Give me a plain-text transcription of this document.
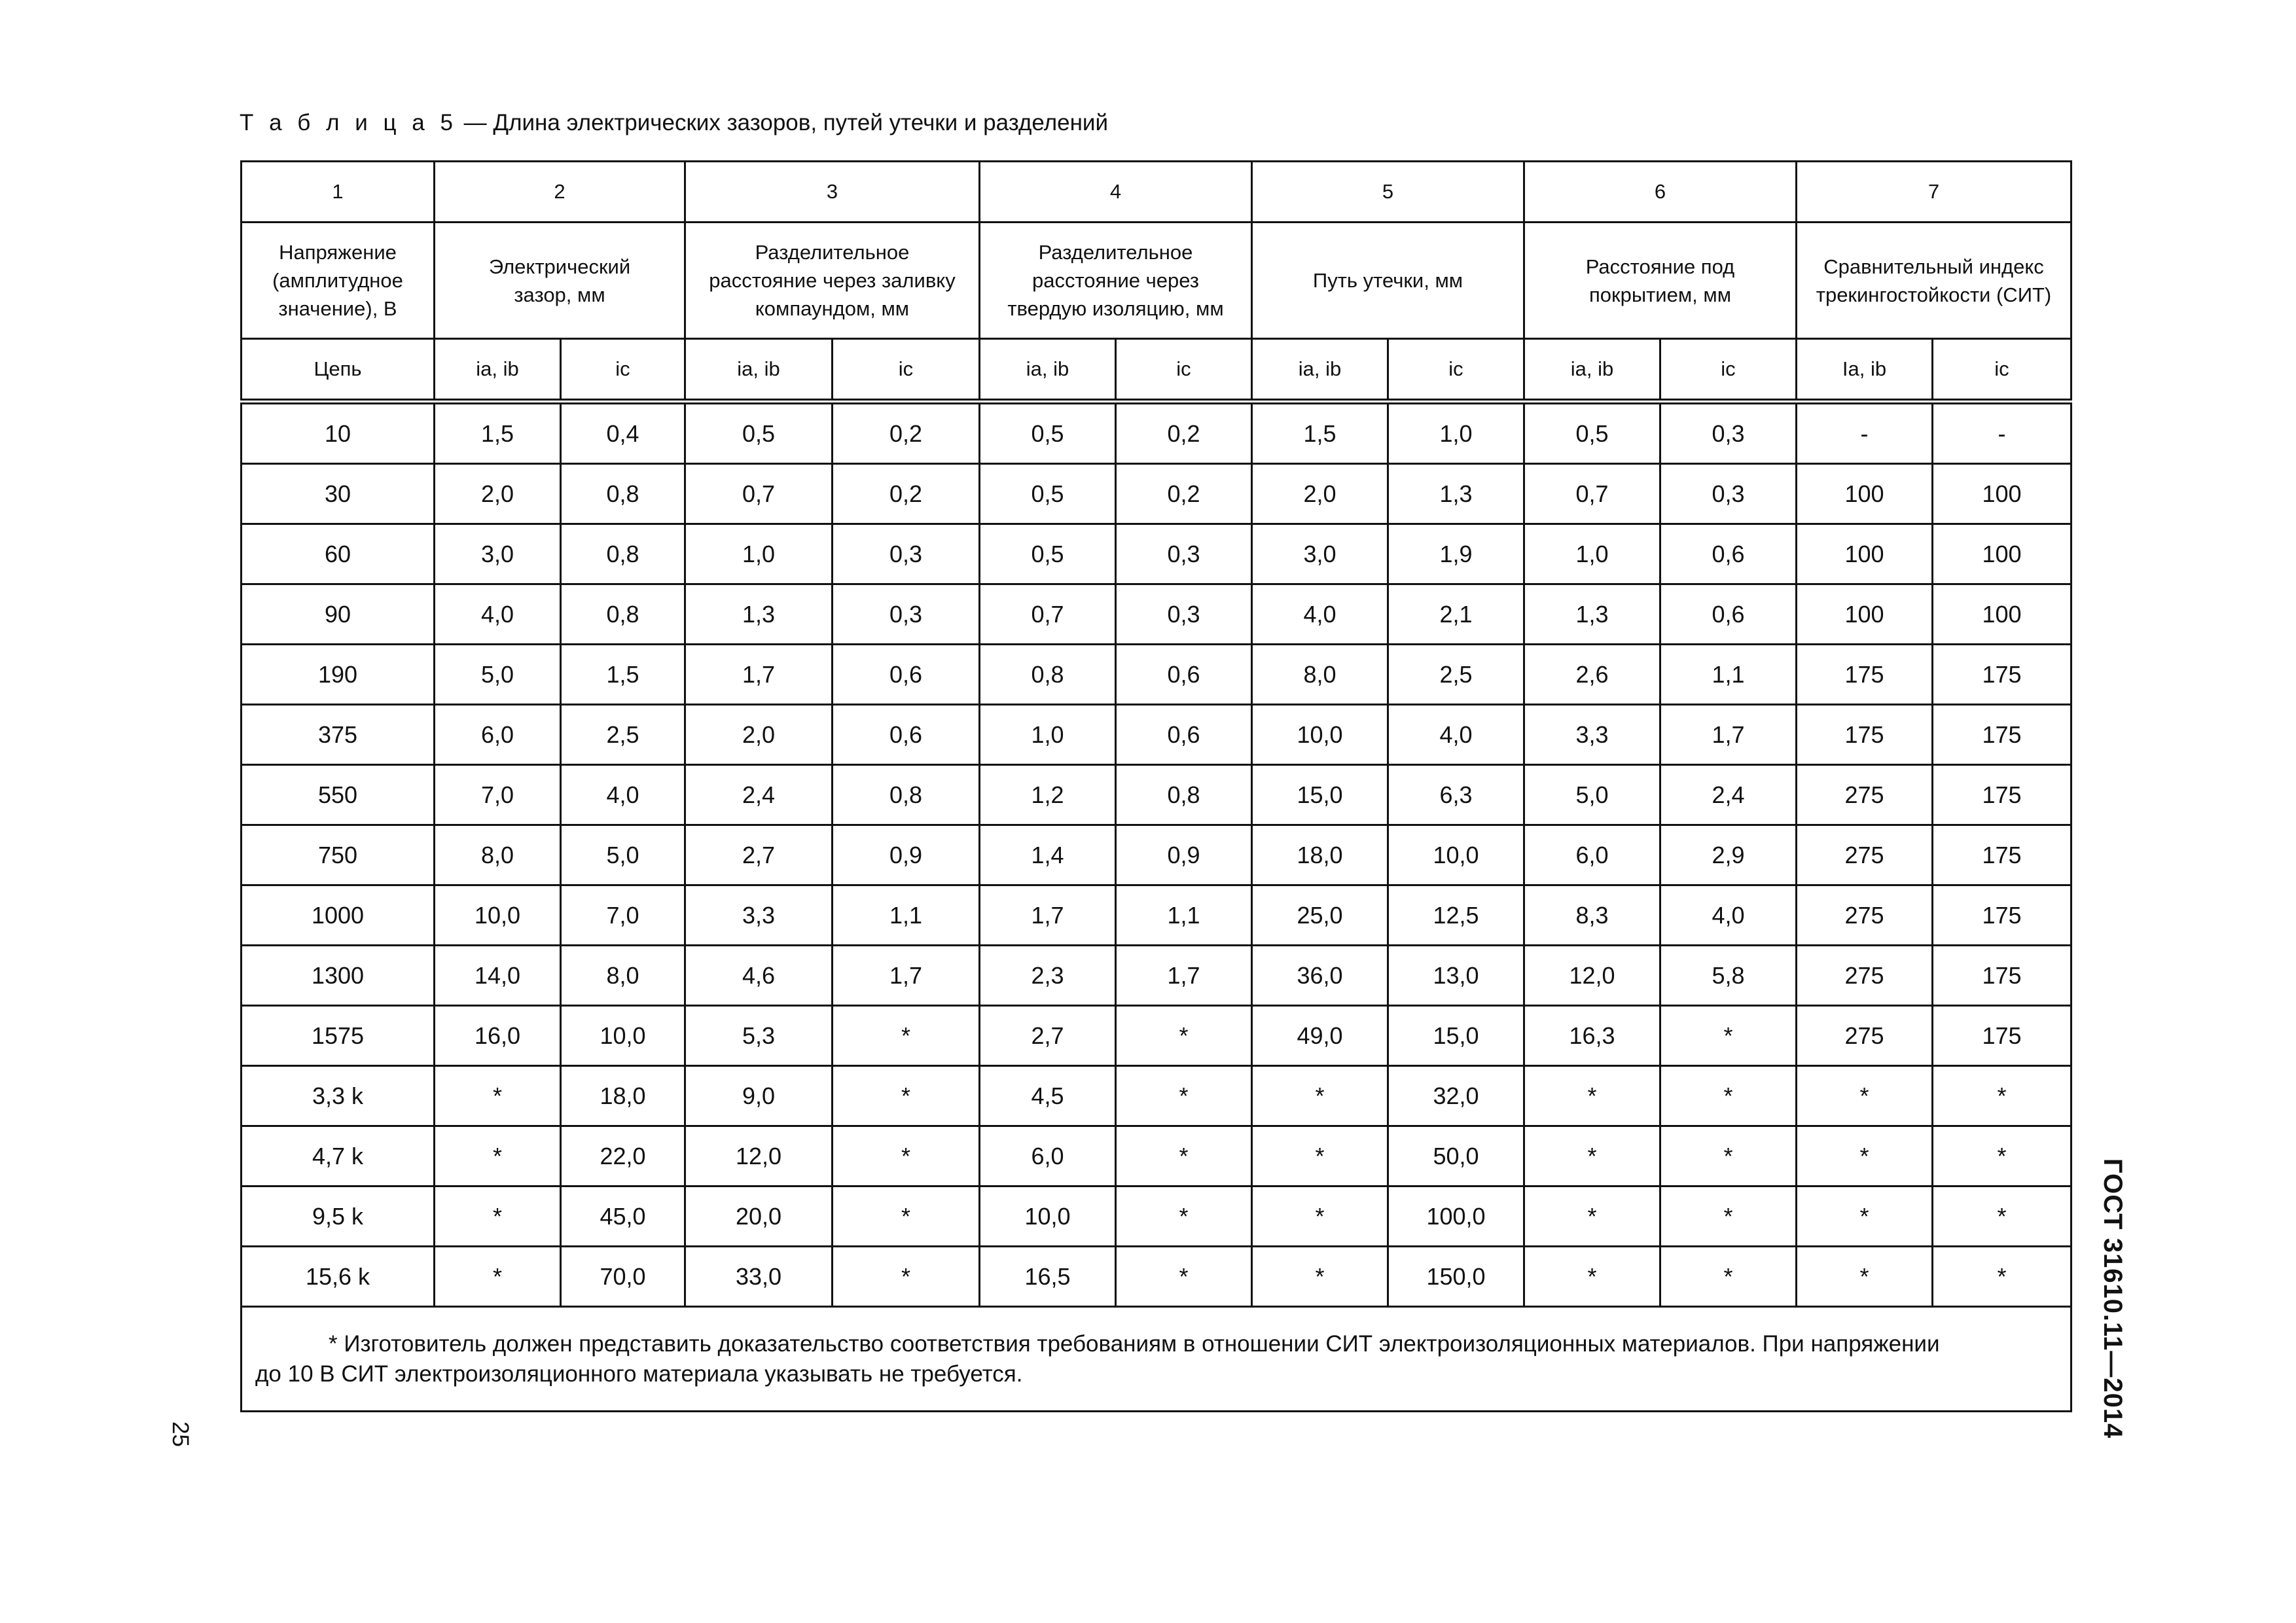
Т а б л и ц а 5 — Длина электрических зазоров, путей утечки и разделений
1	2		3		4		5		6		7	
Напряжение (амплитудное значение), В	Электрический зазор, мм		Разделительное расстояние через заливку компаундом, мм		Разделительное расстояние через твердую изоляцию, мм		Путь утечки, мм		Расстояние под покрытием, мм		Сравнительный индекс трекингостойкости (СИТ)	
Цепь	ia, ib	ic	ia, ib	ic	ia, ib	ic	ia, ib	ic	ia, ib	ic	Ia, ib	ic
10	1,5	0,4	0,5	0,2	0,5	0,2	1,5	1,0	0,5	0,3	-	-
30	2,0	0,8	0,7	0,2	0,5	0,2	2,0	1,3	0,7	0,3	100	100
60	3,0	0,8	1,0	0,3	0,5	0,3	3,0	1,9	1,0	0,6	100	100
90	4,0	0,8	1,3	0,3	0,7	0,3	4,0	2,1	1,3	0,6	100	100
190	5,0	1,5	1,7	0,6	0,8	0,6	8,0	2,5	2,6	1,1	175	175
375	6,0	2,5	2,0	0,6	1,0	0,6	10,0	4,0	3,3	1,7	175	175
550	7,0	4,0	2,4	0,8	1,2	0,8	15,0	6,3	5,0	2,4	275	175
750	8,0	5,0	2,7	0,9	1,4	0,9	18,0	10,0	6,0	2,9	275	175
1000	10,0	7,0	3,3	1,1	1,7	1,1	25,0	12,5	8,3	4,0	275	175
1300	14,0	8,0	4,6	1,7	2,3	1,7	36,0	13,0	12,0	5,8	275	175
1575	16,0	10,0	5,3	*	2,7	*	49,0	15,0	16,3	*	275	175
3,3 k	*	18,0	9,0	*	4,5	*	*	32,0	*	*	*	*
4,7 k	*	22,0	12,0	*	6,0	*	*	50,0	*	*	*	*
9,5 k	*	45,0	20,0	*	10,0	*	*	100,0	*	*	*	*
15,6 k	*	70,0	33,0	*	16,5	*	*	150,0	*	*	*	*

* Изготовитель должен представить доказательство соответствия требованиям в отношении СИТ электроизоляционных материалов. При напряжении
до 10 В СИТ электроизоляционного материала указывать не требуется.												
25	ГОСТ 31610.11—2014
